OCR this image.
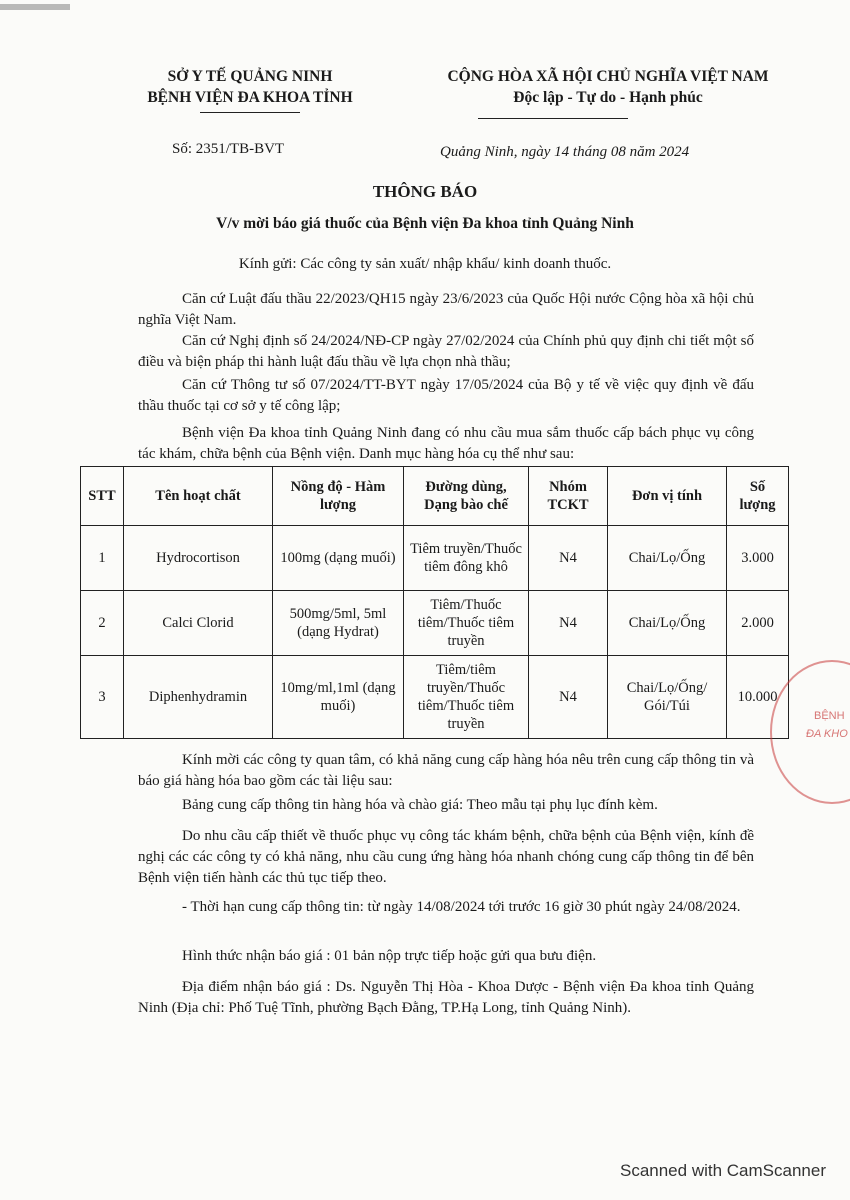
SỞ Y TẾ QUẢNG NINH
BỆNH VIỆN ĐA KHOA TỈNH
CỘNG HÒA XÃ HỘI CHỦ NGHĨA VIỆT NAM
Độc lập - Tự do - Hạnh phúc
Số: 2351/TB-BVT	Quảng Ninh, ngày 14 tháng 08 năm 2024
THÔNG BÁO
V/v mời báo giá thuốc của Bệnh viện Đa khoa tỉnh Quảng Ninh
Kính gửi: Các công ty sản xuất/ nhập khẩu/ kinh doanh thuốc.
Căn cứ Luật đấu thầu 22/2023/QH15 ngày 23/6/2023 của Quốc Hội nước Cộng hòa xã hội chủ nghĩa Việt Nam.
Căn cứ Nghị định số 24/2024/NĐ-CP ngày 27/02/2024 của Chính phủ quy định chi tiết một số điều và biện pháp thi hành luật đấu thầu về lựa chọn nhà thầu;
Căn cứ Thông tư số 07/2024/TT-BYT ngày 17/05/2024 của Bộ y tế về việc quy định về đấu thầu thuốc tại cơ sở y tế công lập;
Bệnh viện Đa khoa tỉnh Quảng Ninh đang có nhu cầu mua sắm thuốc cấp bách phục vụ công tác khám, chữa bệnh của Bệnh viện. Danh mục hàng hóa cụ thể như sau:
STT	Tên hoạt chất	Nồng độ - Hàm lượng	Đường dùng, Dạng bào chế	Nhóm TCKT	Đơn vị tính	Số lượng
1	Hydrocortison	100mg (dạng muối)	Tiêm truyền/Thuốc tiêm đông khô	N4	Chai/Lọ/Ống	3.000
2	Calci Clorid	500mg/5ml, 5ml (dạng Hydrat)	Tiêm/Thuốc tiêm/Thuốc tiêm truyền	N4	Chai/Lọ/Ống	2.000
3	Diphenhydramin	10mg/ml,1ml (dạng muối)	Tiêm/tiêm truyền/Thuốc tiêm/Thuốc tiêm truyền	N4	Chai/Lọ/Ống/ Gói/Túi	10.000
BỆNH
ĐA KHO
Kính mời các công ty quan tâm, có khả năng cung cấp hàng hóa nêu trên cung cấp thông tin và báo giá hàng hóa bao gồm các tài liệu sau:
Bảng cung cấp thông tin hàng hóa và chào giá: Theo mẫu tại phụ lục đính kèm.
Do nhu cầu cấp thiết về thuốc phục vụ công tác khám bệnh, chữa bệnh của Bệnh viện, kính đề nghị các các công ty có khả năng, nhu cầu cung ứng hàng hóa nhanh chóng cung cấp thông tin để bên Bệnh viện tiến hành các thủ tục tiếp theo.
- Thời hạn cung cấp thông tin: từ ngày 14/08/2024 tới trước 16 giờ 30 phút ngày 24/08/2024.
Hình thức nhận báo giá : 01 bản nộp trực tiếp hoặc gửi qua bưu điện.
Địa điểm nhận báo giá : Ds. Nguyễn Thị Hòa - Khoa Dược - Bệnh viện Đa khoa tỉnh Quảng Ninh (Địa chỉ: Phố Tuệ Tĩnh, phường Bạch Đằng, TP.Hạ Long, tỉnh Quảng Ninh).
Scanned with CamScanner
